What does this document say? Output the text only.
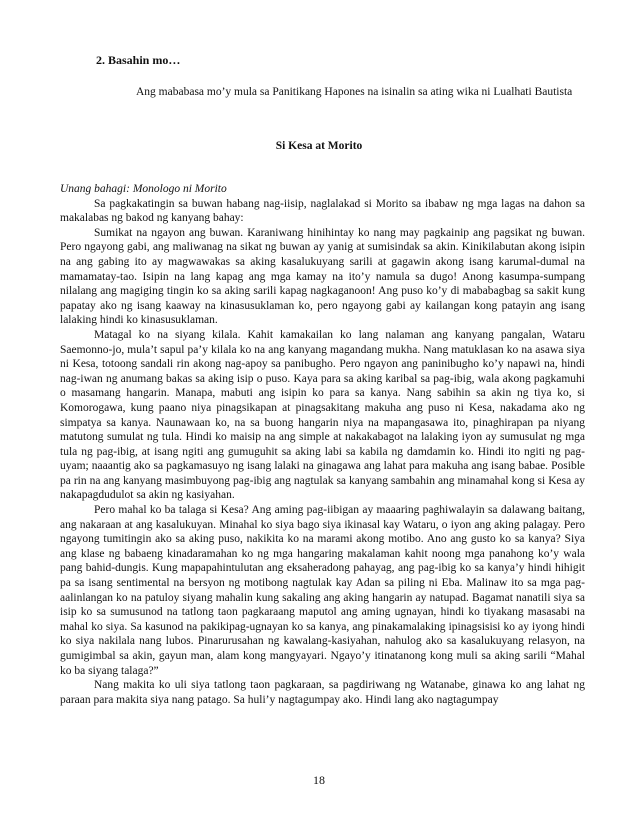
2. Basahin mo…
Ang mababasa mo’y mula sa Panitikang Hapones na isinalin sa ating wika ni Lualhati Bautista
Si Kesa at Morito
Unang bahagi: Monologo ni Morito

Sa pagkakatingin sa buwan habang nag-iisip, naglalakad si Morito sa ibabaw ng mga lagas na dahon sa makalabas ng bakod ng kanyang bahay:

Sumikat na ngayon ang buwan. Karaniwang hinihintay ko nang may pagkainip ang pagsikat ng buwan. Pero ngayong gabi, ang maliwanag na sikat ng buwan ay yanig at sumisindak sa akin. Kinikilabutan akong isipin na ang gabing ito ay magwawakas sa aking kasalukuyang sarili at gagawin akong isang karumal-dumal na mamamatay-tao. Isipin na lang kapag ang mga kamay na ito’y namula sa dugo! Anong kasumpa-sumpang nilalang ang magiging tingin ko sa aking sarili kapag nagkaganoon! Ang puso ko’y di mababagbag sa sakit kung papatay ako ng isang kaaway na kinasusuklaman ko, pero ngayong gabi ay kailangan kong patayin ang isang lalaking hindi ko kinasusuklaman.

Matagal ko na siyang kilala. Kahit kamakailan ko lang nalaman ang kanyang pangalan, Wataru Saemonno-jo, mula’t sapul pa’y kilala ko na ang kanyang magandang mukha. Nang matuklasan ko na asawa siya ni Kesa, totoong sandali rin akong nag-apoy sa panibugho. Pero ngayon ang paninibugho ko’y napawi na, hindi nag-iwan ng anumang bakas sa aking isip o puso. Kaya para sa aking karibal sa pag-ibig, wala akong pagkamuhi o masamang hangarin. Manapa, mabuti ang isipin ko para sa kanya. Nang sabihin sa akin ng tiya ko, si Komorogawa, kung paano niya pinagsikapan at pinagsakitang makuha ang puso ni Kesa, nakadama ako ng simpatya sa kanya. Naunawaan ko, na sa buong hangarin niya na mapangasawa ito, pinaghirapan pa niyang matutong sumulat ng tula. Hindi ko maisip na ang simple at nakakabagot na lalaking iyon ay sumusulat ng mga tula ng pag-ibig, at isang ngiti ang gumuguhit sa aking labi sa kabila ng damdamin ko. Hindi ito ngiti ng pag-uyam; naaantig ako sa pagkamasuyo ng isang lalaki na ginagawa ang lahat para makuha ang isang babae. Posible pa rin na ang kanyang masimbuyong pag-ibig ang nagtulak sa kanyang sambahin ang minamahal kong si Kesa ay nakapagdudulot sa akin ng kasiyahan.

Pero mahal ko ba talaga si Kesa? Ang aming pag-iibigan ay maaaring paghiwalayin sa dalawang baitang, ang nakaraan at ang kasalukuyan. Minahal ko siya bago siya ikinasal kay Wataru, o iyon ang aking palagay. Pero ngayong tumitingin ako sa aking puso, nakikita ko na marami akong motibo. Ano ang gusto ko sa kanya? Siya ang klase ng babaeng kinadaramahan ko ng mga hangaring makalaman kahit noong mga panahong ko’y wala pang bahid-dungis. Kung mapapahintulutan ang eksaheradong pahayag, ang pag-ibig ko sa kanya’y hindi hihigit pa sa isang sentimental na bersyon ng motibong nagtulak kay Adan sa piling ni Eba. Malinaw ito sa mga pag-aalinlangan ko na patuloy siyang mahalin kung sakaling ang aking hangarin ay natupad. Bagamat nanatili siya sa isip ko sa sumusunod na tatlong taon pagkaraang maputol ang aming ugnayan, hindi ko tiyakang masasabi na mahal ko siya. Sa kasunod na pakikipag-ugnayan ko sa kanya, ang pinakamalaking ipinagsisisi ko ay iyong hindi ko siya nakilala nang lubos. Pinarurusahan ng kawalang-kasiyahan, nahulog ako sa kasalukuyang relasyon, na gumigimbal sa akin, gayun man, alam kong mangyayari. Ngayo’y itinatanong kong muli sa aking sarili “Mahal ko ba siyang talaga?”

Nang makita ko uli siya tatlong taon pagkaraan, sa pagdiriwang ng Watanabe, ginawa ko ang lahat ng paraan para makita siya nang patago. Sa huli’y nagtagumpay ako. Hindi lang ako nagtagumpay

18
